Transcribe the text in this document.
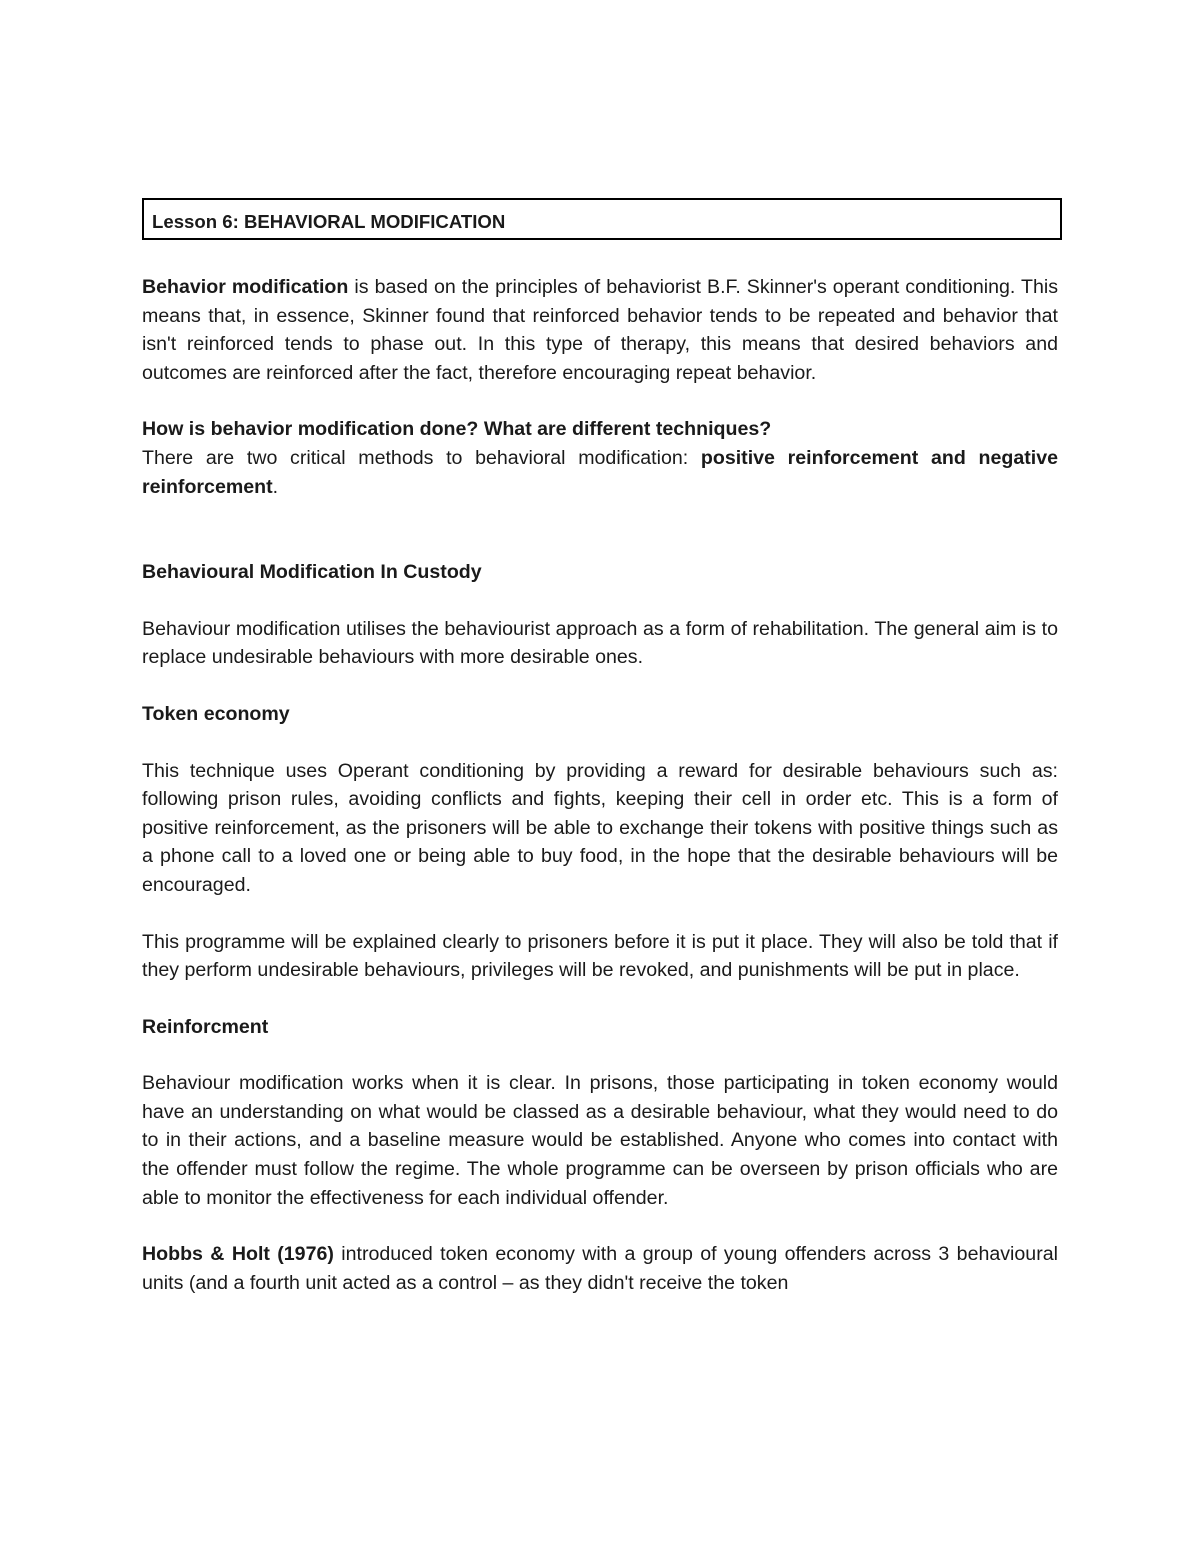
Lesson 6: BEHAVIORAL MODIFICATION

Behavior modification is based on the principles of behaviorist B.F. Skinner's operant conditioning. This means that, in essence, Skinner found that reinforced behavior tends to be repeated and behavior that isn't reinforced tends to phase out. In this type of therapy, this means that desired behaviors and outcomes are reinforced after the fact, therefore encouraging repeat behavior.

How is behavior modification done? What are different techniques?

There are two critical methods to behavioral modification: positive reinforcement and negative reinforcement.

Behavioural Modification In Custody

Behaviour modification utilises the behaviourist approach as a form of rehabilitation. The general aim is to replace undesirable behaviours with more desirable ones.

Token economy

This technique uses Operant conditioning by providing a reward for desirable behaviours such as: following prison rules, avoiding conflicts and fights, keeping their cell in order etc. This is a form of positive reinforcement, as the prisoners will be able to exchange their tokens with positive things such as a phone call to a loved one or being able to buy food, in the hope that the desirable behaviours will be encouraged.

This programme will be explained clearly to prisoners before it is put it place. They will also be told that if they perform undesirable behaviours, privileges will be revoked, and punishments will be put in place.

Reinforcment

Behaviour modification works when it is clear. In prisons, those participating in token economy would have an understanding on what would be classed as a desirable behaviour, what they would need to do to in their actions, and a baseline measure would be established. Anyone who comes into contact with the offender must follow the regime. The whole programme can be overseen by prison officials who are able to monitor the effectiveness for each individual offender.

Hobbs & Holt (1976) introduced token economy with a group of young offenders across 3 behavioural units (and a fourth unit acted as a control – as they didn't receive the token
